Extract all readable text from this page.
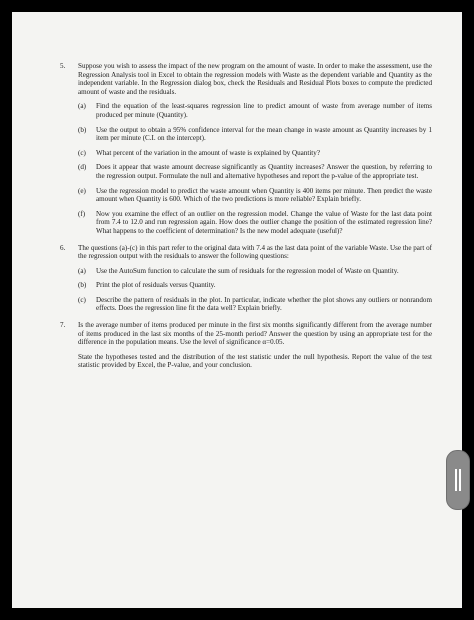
5. Suppose you wish to assess the impact of the new program on the amount of waste. In order to make the assessment, use the Regression Analysis tool in Excel to obtain the regression models with Waste as the dependent variable and Quantity as the independent variable. In the Regression dialog box, check the Residuals and Residual Plots boxes to compute the predicted amount of waste and the residuals.
(a) Find the equation of the least-squares regression line to predict amount of waste from average number of items produced per minute (Quantity).
(b) Use the output to obtain a 95% confidence interval for the mean change in waste amount as Quantity increases by 1 item per minute (C.I. on the intercept).
(c) What percent of the variation in the amount of waste is explained by Quantity?
(d) Does it appear that waste amount decrease significantly as Quantity increases? Answer the question, by referring to the regression output. Formulate the null and alternative hypotheses and report the p-value of the appropriate test.
(e) Use the regression model to predict the waste amount when Quantity is 400 items per minute. Then predict the waste amount when Quantity is 600. Which of the two predictions is more reliable? Explain briefly.
(f) Now you examine the effect of an outlier on the regression model. Change the value of Waste for the last data point from 7.4 to 12.0 and run regression again. How does the outlier change the position of the estimated regression line? What happens to the coefficient of determination? Is the new model adequate (useful)?
6. The questions (a)-(c) in this part refer to the original data with 7.4 as the last data point of the variable Waste. Use the part of the regression output with the residuals to answer the following questions:
(a) Use the AutoSum function to calculate the sum of residuals for the regression model of Waste on Quantity.
(b) Print the plot of residuals versus Quantity.
(c) Describe the pattern of residuals in the plot. In particular, indicate whether the plot shows any outliers or nonrandom effects. Does the regression line fit the data well? Explain briefly.
7. Is the average number of items produced per minute in the first six months significantly different from the average number of items produced in the last six months of the 25-month period? Answer the question by using an appropriate test for the difference in the population means. Use the level of significance α=0.05.
State the hypotheses tested and the distribution of the test statistic under the null hypothesis. Report the value of the test statistic provided by Excel, the P-value, and your conclusion.
